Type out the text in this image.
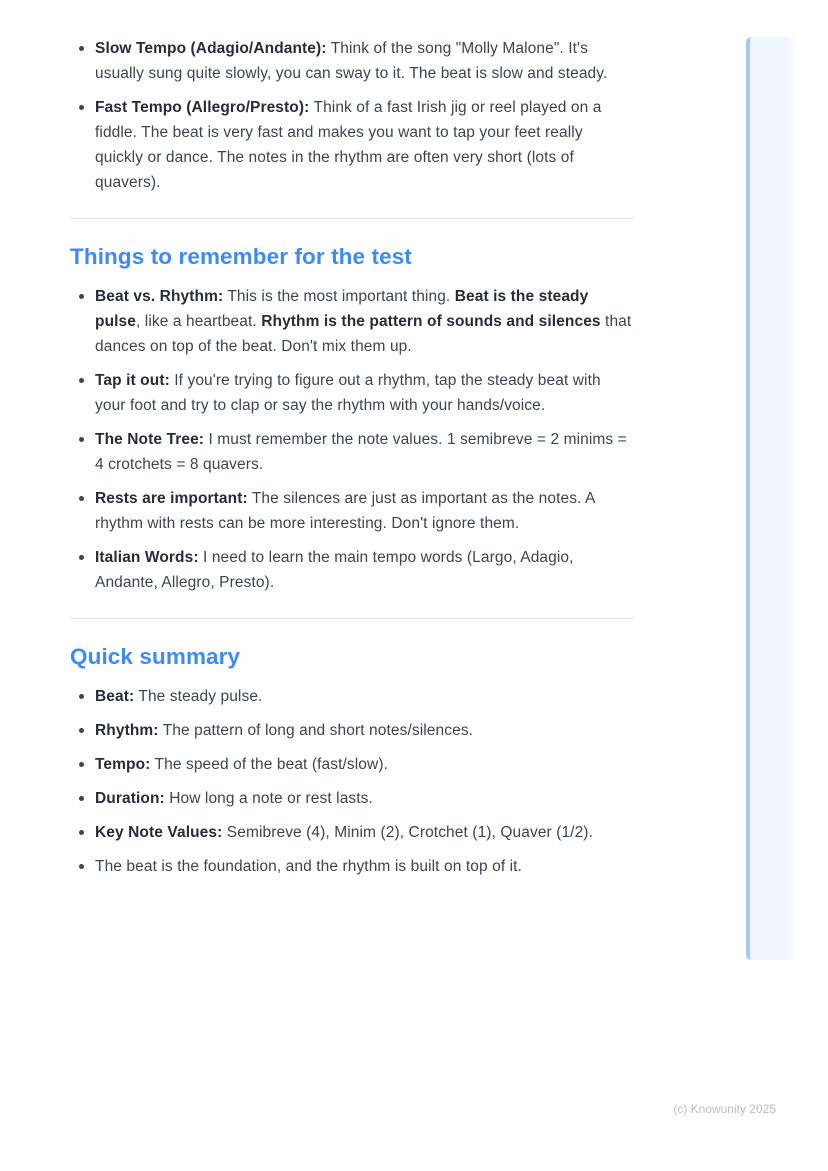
Slow Tempo (Adagio/Andante): Think of the song "Molly Malone". It's usually sung quite slowly, you can sway to it. The beat is slow and steady.
Fast Tempo (Allegro/Presto): Think of a fast Irish jig or reel played on a fiddle. The beat is very fast and makes you want to tap your feet really quickly or dance. The notes in the rhythm are often very short (lots of quavers).
Things to remember for the test
Beat vs. Rhythm: This is the most important thing. Beat is the steady pulse, like a heartbeat. Rhythm is the pattern of sounds and silences that dances on top of the beat. Don't mix them up.
Tap it out: If you're trying to figure out a rhythm, tap the steady beat with your foot and try to clap or say the rhythm with your hands/voice.
The Note Tree: I must remember the note values. 1 semibreve = 2 minims = 4 crotchets = 8 quavers.
Rests are important: The silences are just as important as the notes. A rhythm with rests can be more interesting. Don't ignore them.
Italian Words: I need to learn the main tempo words (Largo, Adagio, Andante, Allegro, Presto).
Quick summary
Beat: The steady pulse.
Rhythm: The pattern of long and short notes/silences.
Tempo: The speed of the beat (fast/slow).
Duration: How long a note or rest lasts.
Key Note Values: Semibreve (4), Minim (2), Crotchet (1), Quaver (1/2).
The beat is the foundation, and the rhythm is built on top of it.
(c) Knowunity 2025
